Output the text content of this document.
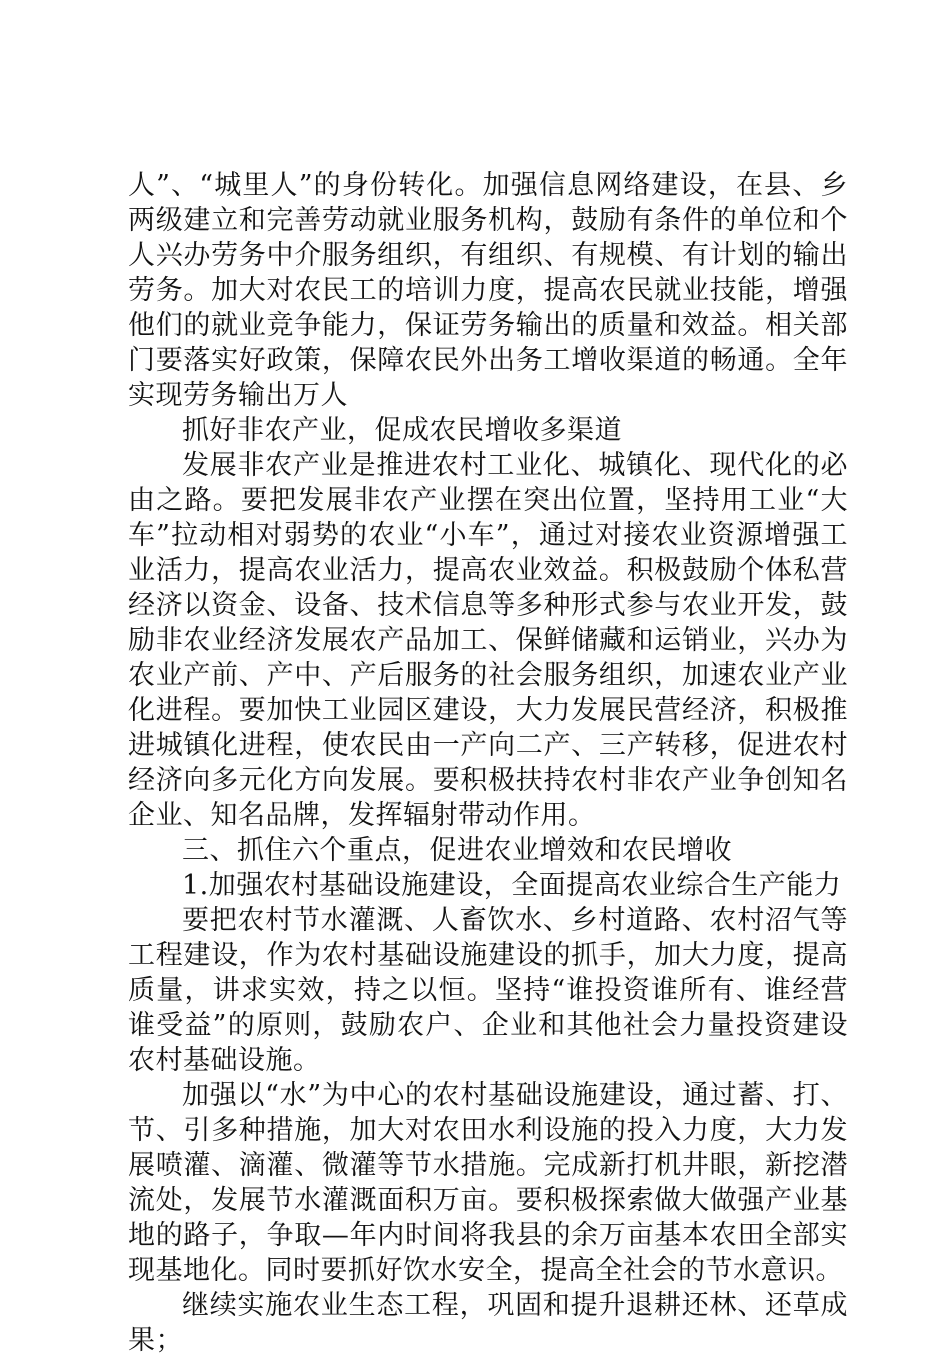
人”、“城里人”的身份转化。加强信息网络建设，在县、乡两级建立和完善劳动就业服务机构，鼓励有条件的单位和个人兴办劳务中介服务组织，有组织、有规模、有计划的输出劳务。加大对农民工的培训力度，提高农民就业技能，增强他们的就业竞争能力，保证劳务输出的质量和效益。相关部门要落实好政策，保障农民外出务工增收渠道的畅通。全年实现劳务输出万人

抓好非农产业，促成农民增收多渠道

发展非农产业是推进农村工业化、城镇化、现代化的必由之路。要把发展非农产业摆在突出位置，坚持用工业“大车”拉动相对弱势的农业“小车”，通过对接农业资源增强工业活力，提高农业活力，提高农业效益。积极鼓励个体私营经济以资金、设备、技术信息等多种形式参与农业开发，鼓励非农业经济发展农产品加工、保鲜储藏和运销业，兴办为农业产前、产中、产后服务的社会服务组织，加速农业产业化进程。要加快工业园区建设，大力发展民营经济，积极推进城镇化进程，使农民由一产向二产、三产转移，促进农村经济向多元化方向发展。要积极扶持农村非农产业争创知名企业、知名品牌，发挥辐射带动作用。

三、抓住六个重点，促进农业增效和农民增收

1.加强农村基础设施建设，全面提高农业综合生产能力

要把农村节水灌溉、人畜饮水、乡村道路、农村沼气等工程建设，作为农村基础设施建设的抓手，加大力度，提高质量，讲求实效，持之以恒。坚持“谁投资谁所有、谁经营谁受益”的原则，鼓励农户、企业和其他社会力量投资建设农村基础设施。

加强以“水”为中心的农村基础设施建设，通过蓄、打、节、引多种措施，加大对农田水利设施的投入力度，大力发展喷灌、滴灌、微灌等节水措施。完成新打机井眼，新挖潜流处，发展节水灌溉面积万亩。要积极探索做大做强产业基地的路子，争取—年内时间将我县的余万亩基本农田全部实现基地化。同时要抓好饮水安全，提高全社会的节水意识。

继续实施农业生态工程，巩固和提升退耕还林、还草成果；
